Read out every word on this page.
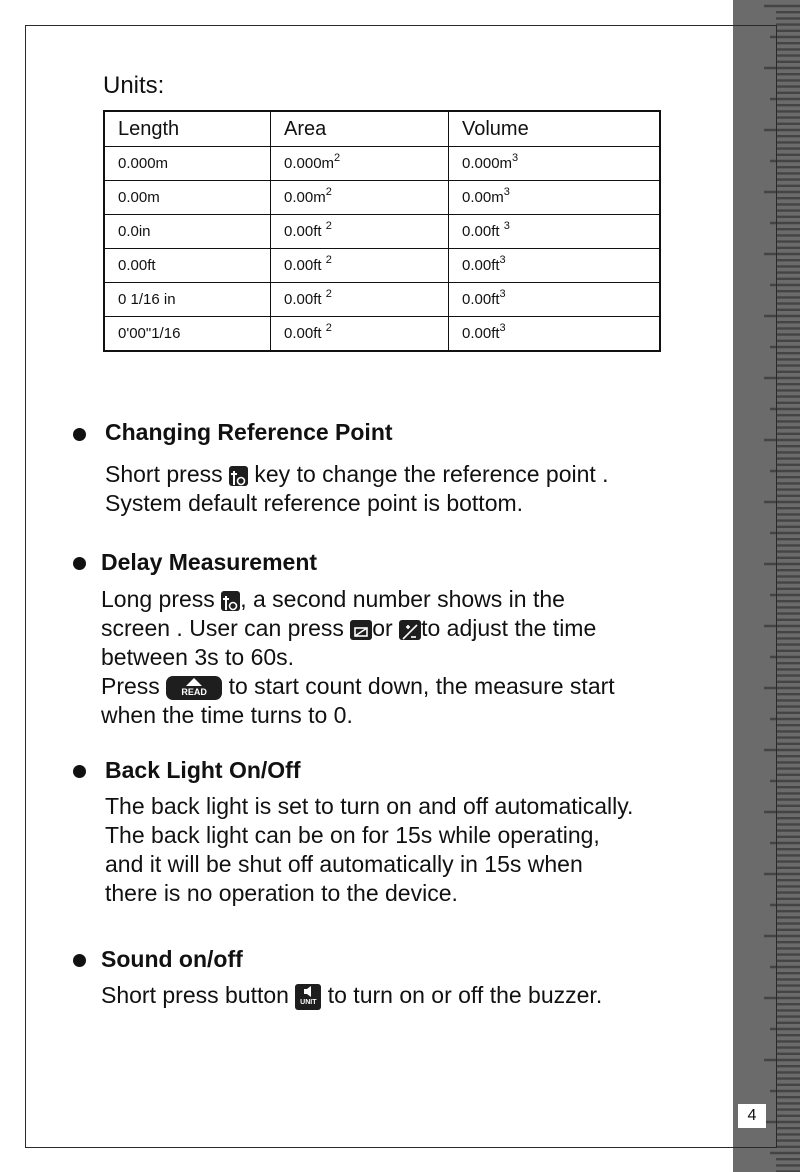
Units:
Length	Area	Volume
0.000m	$0.000m^2$	$0.000m^3$
0.00m	$0.00m^2$	$0.00m^3$
0.0in	0.00ft $^2$	0.00ft $^3$
0.00ft	0.00ft $^2$	$0.00ft^3$
0 1/16 in	0.00ft $^2$	$0.00ft^3$
0'00"1/16	0.00ft $^2$	$0.00ft^3$
Changing Reference Point
Short press  key to change the reference point .
System default reference point is bottom.
Delay Measurement
Long press , a second number shows in the
screen . User can press or to adjust the time
between 3s to 60s.
Press	READ to start count down, the measure start
when the time turns to 0.
Back Light On/Off
The back light is set to turn on and off automatically.
The back light can be on for 15s while operating,
and it will be shut off automatically in 15s when
there is no operation to the device.
Sound on/off
Short press button UNIT to turn on or off the buzzer.
4
